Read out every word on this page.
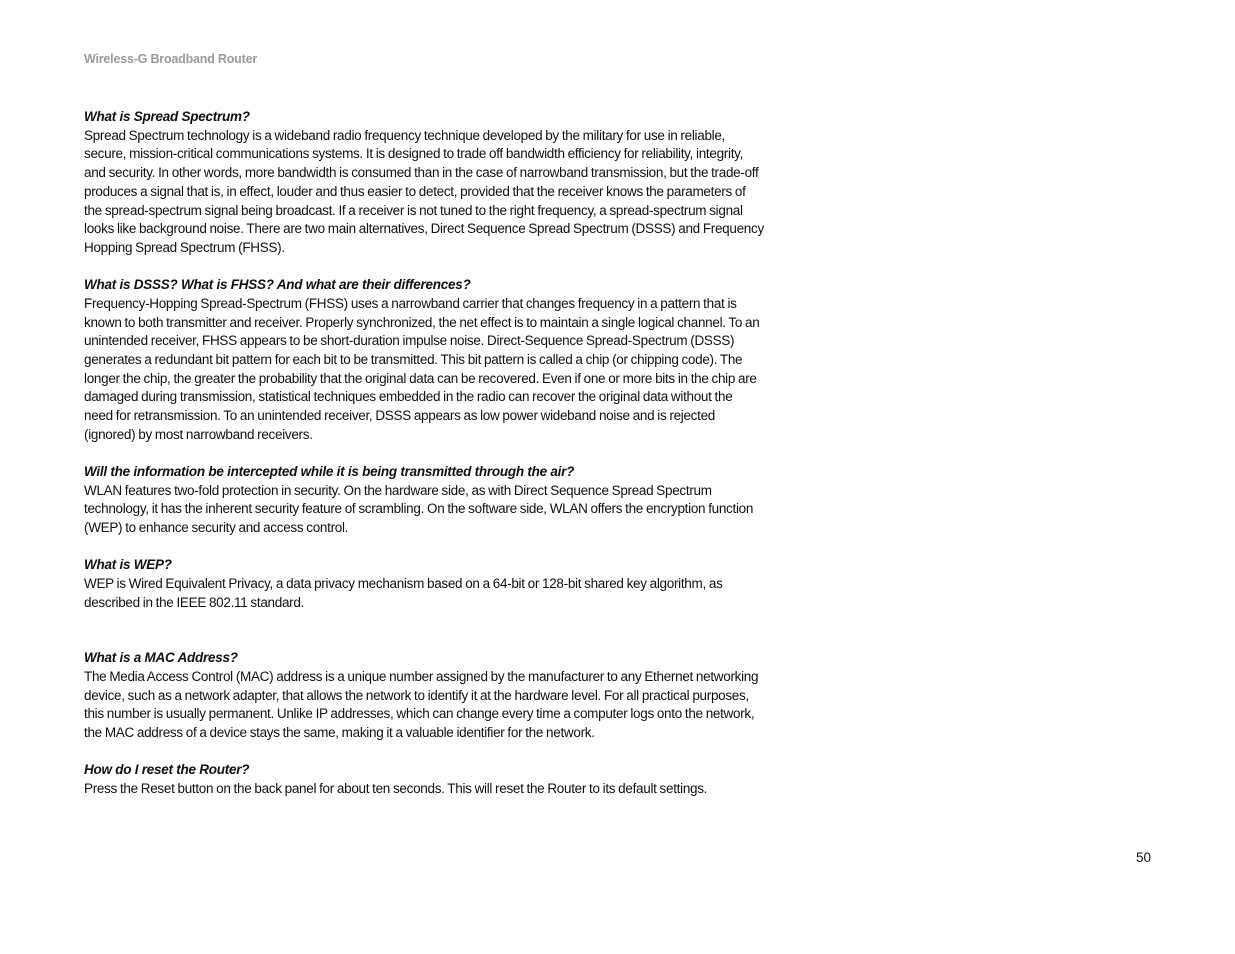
Wireless-G Broadband Router

What is Spread Spectrum?

Spread Spectrum technology is a wideband radio frequency technique developed by the military for use in reliable, secure, mission-critical communications systems. It is designed to trade off bandwidth efficiency for reliability, integrity, and security. In other words, more bandwidth is consumed than in the case of narrowband transmission, but the trade-off produces a signal that is, in effect, louder and thus easier to detect, provided that the receiver knows the parameters of the spread-spectrum signal being broadcast. If a receiver is not tuned to the right frequency, a spread-spectrum signal looks like background noise. There are two main alternatives, Direct Sequence Spread Spectrum (DSSS) and Frequency Hopping Spread Spectrum (FHSS).

What is DSSS? What is FHSS? And what are their differences?

Frequency-Hopping Spread-Spectrum (FHSS) uses a narrowband carrier that changes frequency in a pattern that is known to both transmitter and receiver. Properly synchronized, the net effect is to maintain a single logical channel. To an unintended receiver, FHSS appears to be short-duration impulse noise. Direct-Sequence Spread-Spectrum (DSSS) generates a redundant bit pattern for each bit to be transmitted. This bit pattern is called a chip (or chipping code). The longer the chip, the greater the probability that the original data can be recovered. Even if one or more bits in the chip are damaged during transmission, statistical techniques embedded in the radio can recover the original data without the need for retransmission. To an unintended receiver, DSSS appears as low power wideband noise and is rejected (ignored) by most narrowband receivers.

Will the information be intercepted while it is being transmitted through the air?

WLAN features two-fold protection in security. On the hardware side, as with Direct Sequence Spread Spectrum technology, it has the inherent security feature of scrambling. On the software side, WLAN offers the encryption function (WEP) to enhance security and access control.

What is WEP?

WEP is Wired Equivalent Privacy, a data privacy mechanism based on a 64-bit or 128-bit shared key algorithm, as described in the IEEE 802.11 standard.

What is a MAC Address?

The Media Access Control (MAC) address is a unique number assigned by the manufacturer to any Ethernet networking device, such as a network adapter, that allows the network to identify it at the hardware level. For all practical purposes, this number is usually permanent. Unlike IP addresses, which can change every time a computer logs onto the network, the MAC address of a device stays the same, making it a valuable identifier for the network.

How do I reset the Router?

Press the Reset button on the back panel for about ten seconds. This will reset the Router to its default settings.

50
